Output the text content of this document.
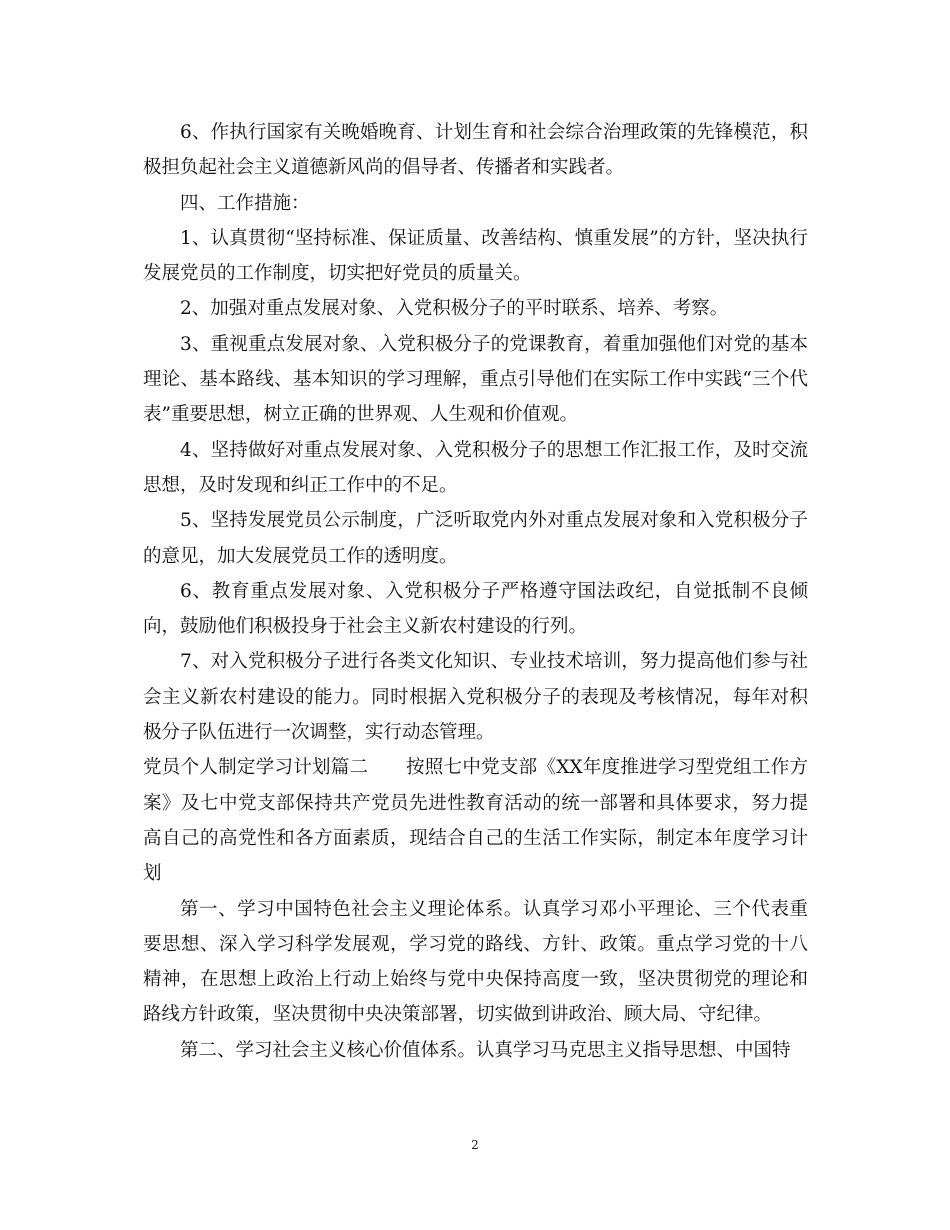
6、作执行国家有关晚婚晚育、计划生育和社会综合治理政策的先锋模范，积极担负起社会主义道德新风尚的倡导者、传播者和实践者。

四、工作措施：

1、认真贯彻“坚持标准、保证质量、改善结构、慎重发展”的方针，坚决执行发展党员的工作制度，切实把好党员的质量关。

2、加强对重点发展对象、入党积极分子的平时联系、培养、考察。

3、重视重点发展对象、入党积极分子的党课教育，着重加强他们对党的基本理论、基本路线、基本知识的学习理解，重点引导他们在实际工作中实践“三个代表”重要思想，树立正确的世界观、人生观和价值观。

4、坚持做好对重点发展对象、入党积极分子的思想工作汇报工作，及时交流思想，及时发现和纠正工作中的不足。

5、坚持发展党员公示制度，广泛听取党内外对重点发展对象和入党积极分子的意见，加大发展党员工作的透明度。

6、教育重点发展对象、入党积极分子严格遵守国法政纪，自觉抵制不良倾向，鼓励他们积极投身于社会主义新农村建设的行列。

7、对入党积极分子进行各类文化知识、专业技术培训，努力提高他们参与社会主义新农村建设的能力。同时根据入党积极分子的表现及考核情况，每年对积极分子队伍进行一次调整，实行动态管理。

党员个人制定学习计划篇二　　按照七中党支部《XX年度推进学习型党组工作方案》及七中党支部保持共产党员先进性教育活动的统一部署和具体要求，努力提高自己的高党性和各方面素质，现结合自己的生活工作实际，制定本年度学习计划

第一、学习中国特色社会主义理论体系。认真学习邓小平理论、三个代表重要思想、深入学习科学发展观，学习党的路线、方针、政策。重点学习党的十八精神，在思想上政治上行动上始终与党中央保持高度一致，坚决贯彻党的理论和路线方针政策，坚决贯彻中央决策部署，切实做到讲政治、顾大局、守纪律。

第二、学习社会主义核心价值体系。认真学习马克思主义指导思想、中国特

2
